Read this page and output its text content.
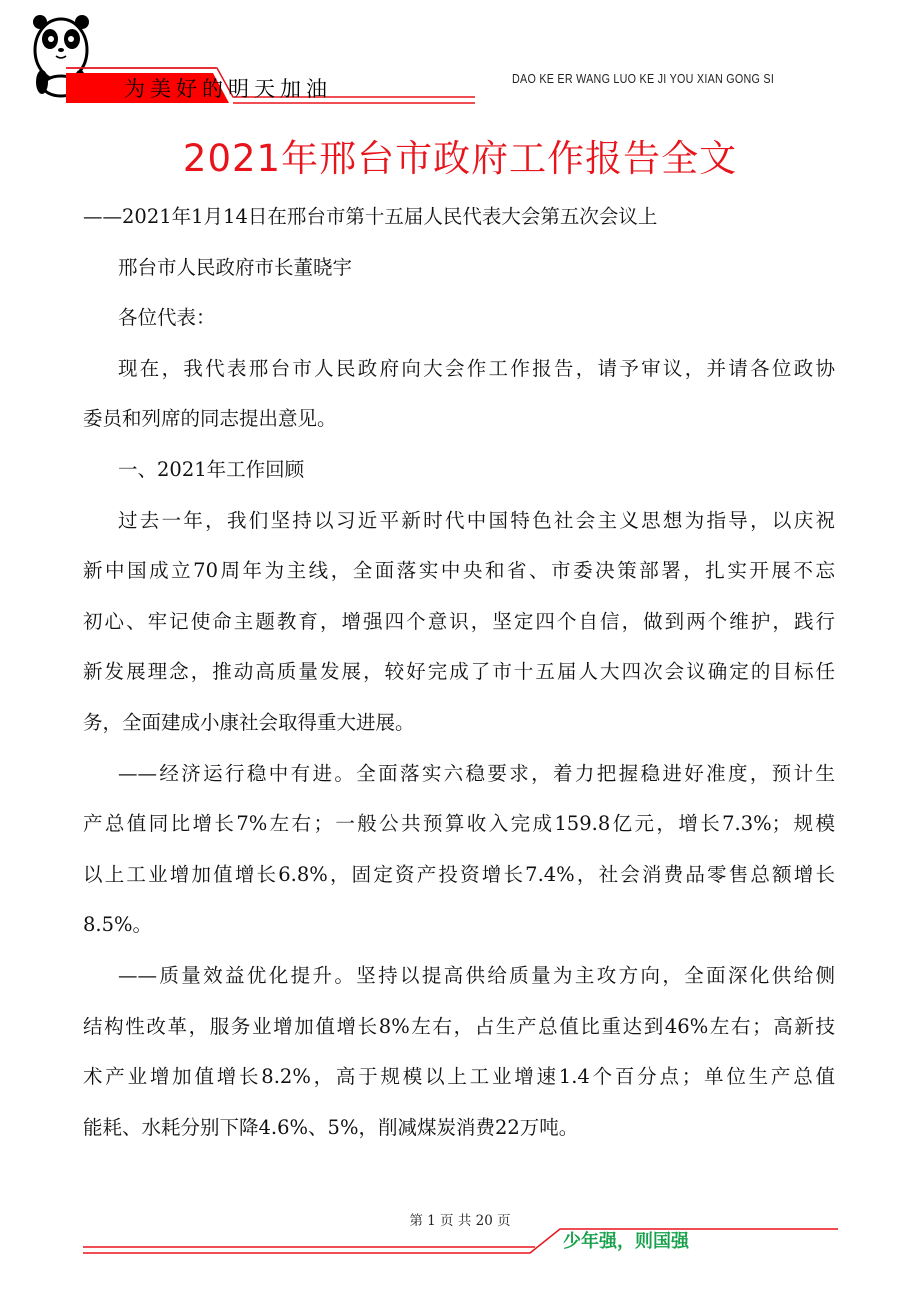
为美好的明天加油	DAO KE ER WANG LUO KE JI YOU XIAN GONG SI
2021年邢台市政府工作报告全文
——2021年1月14日在邢台市第十五届人民代表大会第五次会议上
邢台市人民政府市长董晓宇
各位代表：
现在，我代表邢台市人民政府向大会作工作报告，请予审议，并请各位政协
委员和列席的同志提出意见。
一、2021年工作回顾
过去一年，我们坚持以习近平新时代中国特色社会主义思想为指导，以庆祝
新中国成立70周年为主线，全面落实中央和省、市委决策部署，扎实开展不忘
初心、牢记使命主题教育，增强四个意识，坚定四个自信，做到两个维护，践行
新发展理念，推动高质量发展，较好完成了市十五届人大四次会议确定的目标任
务，全面建成小康社会取得重大进展。
——经济运行稳中有进。全面落实六稳要求，着力把握稳进好准度，预计生
产总值同比增长7%左右；一般公共预算收入完成159.8亿元，增长7.3%；规模
以上工业增加值增长6.8%，固定资产投资增长7.4%，社会消费品零售总额增长
8.5%。
——质量效益优化提升。坚持以提高供给质量为主攻方向，全面深化供给侧
结构性改革，服务业增加值增长8%左右，占生产总值比重达到46%左右；高新技
术产业增加值增长8.2%，高于规模以上工业增速1.4个百分点；单位生产总值
能耗、水耗分别下降4.6%、5%，削减煤炭消费22万吨。
第 1 页 共 20 页
少年强，则国强
